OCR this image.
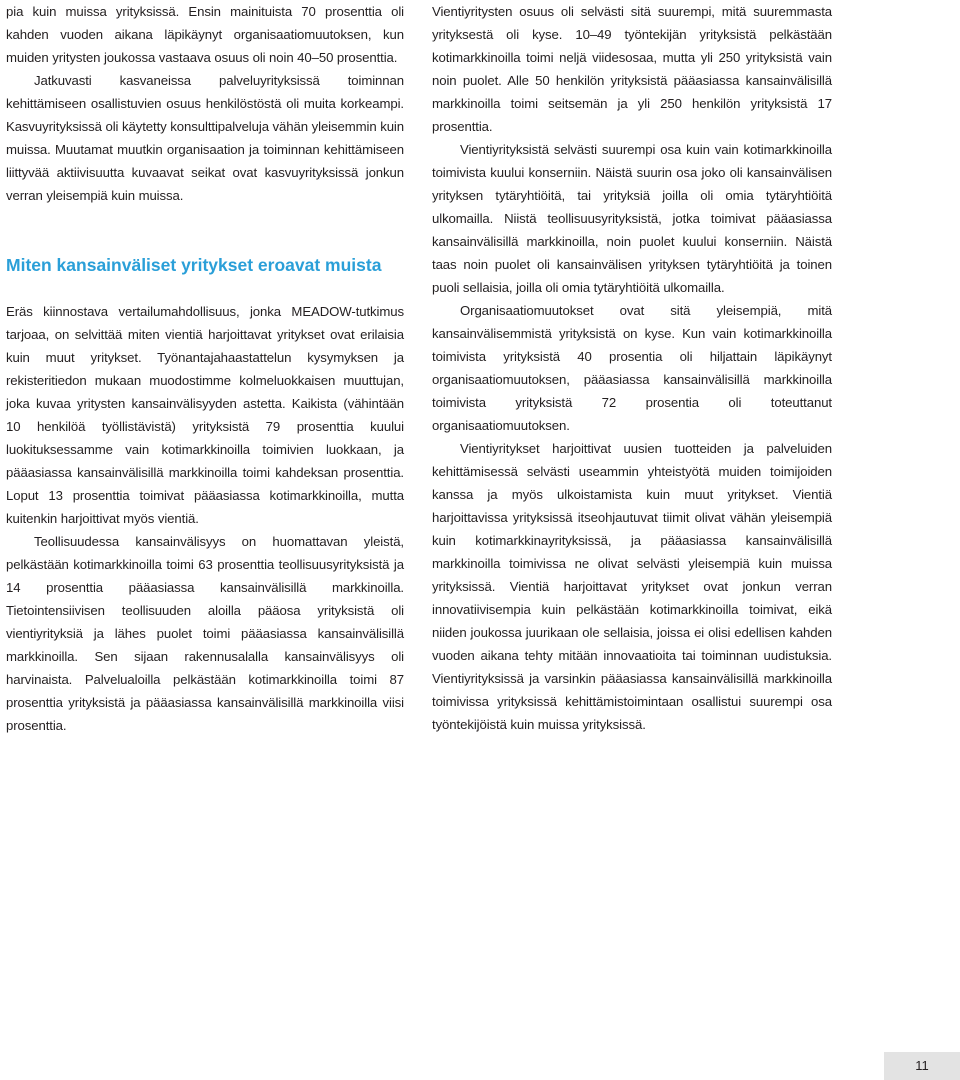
pia kuin muissa yrityksissä. Ensin mainituista 70 prosenttia oli kahden vuoden aikana läpikäynyt organisaatiomuutoksen, kun muiden yritysten joukossa vastaava osuus oli noin 40–50 prosenttia.

Jatkuvasti kasvaneissa palveluyrityksissä toiminnan kehittämiseen osallistuvien osuus henkilöstöstä oli muita korkeampi. Kasvuyrityksissä oli käytetty konsulttipalveluja vähän yleisemmin kuin muissa. Muutamat muutkin organisaation ja toiminnan kehittämiseen liittyvää aktiivisuutta kuvaavat seikat ovat kasvuyrityksissä jonkun verran yleisempiä kuin muissa.

Miten kansainväliset yritykset eroavat muista

Eräs kiinnostava vertailumahdollisuus, jonka MEADOW-tutkimus tarjoaa, on selvittää miten vientiä harjoittavat yritykset ovat erilaisia kuin muut yritykset. Työnantajahaastattelun kysymyksen ja rekisteritiedon mukaan muodostimme kolmeluokkaisen muuttujan, joka kuvaa yritysten kansainvälisyyden astetta. Kaikista (vähintään 10 henkilöä työllistävistä) yrityksistä 79 prosenttia kuului luokituksessamme vain kotimarkkinoilla toimivien luokkaan, ja pääasiassa kansainvälisillä markkinoilla toimi kahdeksan prosenttia. Loput 13 prosenttia toimivat pääasiassa kotimarkkinoilla, mutta kuitenkin harjoittivat myös vientiä.

Teollisuudessa kansainvälisyys on huomattavan yleistä, pelkästään kotimarkkinoilla toimi 63 prosenttia teollisuusyrityksistä ja 14 prosenttia pääasiassa kansainvälisillä markkinoilla. Tietointensiivisen teollisuuden aloilla pääosa yrityksistä oli vientiyrityksiä ja lähes puolet toimi pääasiassa kansainvälisillä markkinoilla. Sen sijaan rakennusalalla kansainvälisyys oli harvinaista. Palvelualoilla pelkästään kotimarkkinoilla toimi 87 prosenttia yrityksistä ja pääasiassa kansainvälisillä markkinoilla viisi prosenttia.

Vientiyritysten osuus oli selvästi sitä suurempi, mitä suuremmasta yrityksestä oli kyse. 10–49 työntekijän yrityksistä pelkästään kotimarkkinoilla toimi neljä viidesosaa, mutta yli 250 yrityksistä vain noin puolet. Alle 50 henkilön yrityksistä pääasiassa kansainvälisillä markkinoilla toimi seitsemän ja yli 250 henkilön yrityksistä 17 prosenttia.

Vientiyrityksistä selvästi suurempi osa kuin vain kotimarkkinoilla toimivista kuului konserniin. Näistä suurin osa joko oli kansainvälisen yrityksen tytäryhtiöitä, tai yrityksiä joilla oli omia tytäryhtiöitä ulkomailla. Niistä teollisuusyrityksistä, jotka toimivat pääasiassa kansainvälisillä markkinoilla, noin puolet kuului konserniin. Näistä taas noin puolet oli kansainvälisen yrityksen tytäryhtiöitä ja toinen puoli sellaisia, joilla oli omia tytäryhtiöitä ulkomailla.

Organisaatiomuutokset ovat sitä yleisempiä, mitä kansainvälisemmistä yrityksistä on kyse. Kun vain kotimarkkinoilla toimivista yrityksistä 40 prosentia oli hiljattain läpikäynyt organisaatiomuutoksen, pääasiassa kansainvälisillä markkinoilla toimivista yrityksistä 72 prosentia oli toteuttanut organisaatiomuutoksen.

Vientiyritykset harjoittivat uusien tuotteiden ja palveluiden kehittämisessä selvästi useammin yhteistyötä muiden toimijoiden kanssa ja myös ulkoistamista kuin muut yritykset. Vientiä harjoittavissa yrityksissä itseohjautuvat tiimit olivat vähän yleisempiä kuin kotimarkkinayrityksissä, ja pääasiassa kansainvälisillä markkinoilla toimivissa ne olivat selvästi yleisempiä kuin muissa yrityksissä. Vientiä harjoittavat yritykset ovat jonkun verran innovatiivisempia kuin pelkästään kotimarkkinoilla toimivat, eikä niiden joukossa juurikaan ole sellaisia, joissa ei olisi edellisen kahden vuoden aikana tehty mitään innovaatioita tai toiminnan uudistuksia. Vientiyrityksissä ja varsinkin pääasiassa kansainvälisillä markkinoilla toimivissa yrityksissä kehittämistoimintaan osallistui suurempi osa työntekijöistä kuin muissa yrityksissä.

11
